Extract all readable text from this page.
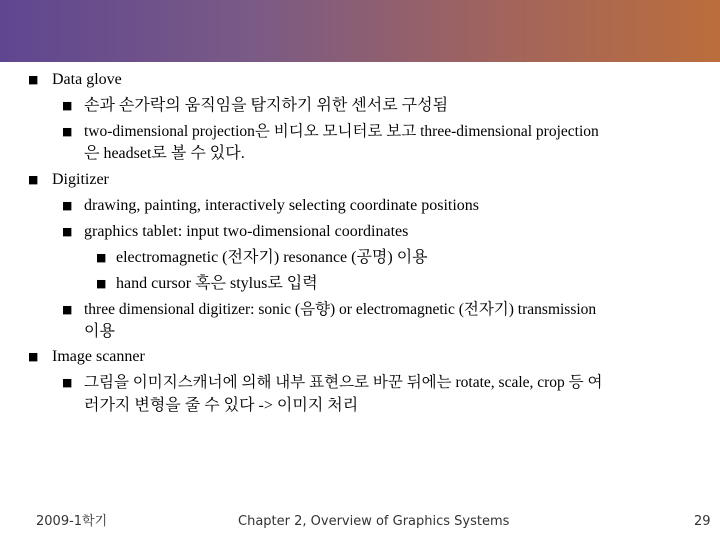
■ Data glove
■ 손과 손가락의 움직임을 탐지하기 위한 센서로 구성됨
■ two-dimensional projection은 비디오 모니터로 보고 three-dimensional projection
은 headset로 볼 수 있다.
■ Digitizer
■ drawing, painting, interactively selecting coordinate positions
■ graphics tablet: input two-dimensional coordinates
■ electromagnetic (전자기) resonance (공명) 이용
■ hand cursor 혹은 stylus로 입력
■ three dimensional digitizer: sonic (음향) or electromagnetic (전자기) transmission
이용
■ Image scanner
■ 그림을 이미지스캐너에 의해 내부 표현으로 바꾼 뒤에는 rotate, scale, crop 등 여
러가지 변형을 줄 수 있다 -> 이미지 처리
2009-1학기	Chapter 2, Overview of Graphics Systems	29
